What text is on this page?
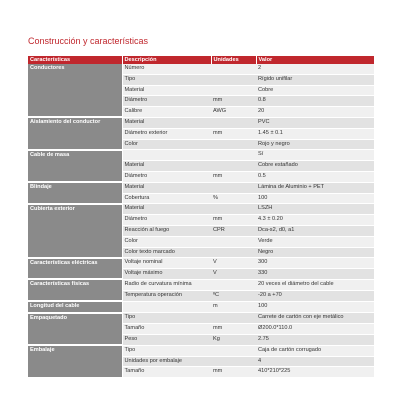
Construcción y características
Características	Descripción	Unidades	Valor
Conductores	Número		2
	Tipo		Rígido unifilar
	Material		Cobre
	Diámetro	mm	0.8
	Calibre	AWG	20
Aislamiento del conductor	Material		PVC
	Diámetro exterior	mm	1.45 ± 0.1
	Color		Rojo y negro
Cable de masa			Sí
	Material		Cobre estañado
	Diámetro	mm	0.5
Blindaje	Material		Lámina de Aluminio + PET
	Cobertura	%	100
Cubierta exterior	Material		LSZH
	Diámetro	mm	4.3 ± 0.20
	Reacción al fuego	CPR	Dca-s2, d0, a1
	Color		Verde
	Color texto marcado		Negro
Características eléctricas	Voltaje nominal	V	300
	Voltaje máximo	V	330
Características físicas	Radio de curvatura mínima		20 veces el diámetro del cable
	Temperatura operación	ºC	-20 a +70
Longitud del cable		m	100
Empaquetado	Tipo		Carrete de cartón con eje metálico
	Tamaño	mm	Ø200.0*110.0
	Peso	Kg	2.75
Embalaje	Tipo		Caja de cartón corrugado
	Unidades por embalaje		4
	Tamaño	mm	410*210*225
